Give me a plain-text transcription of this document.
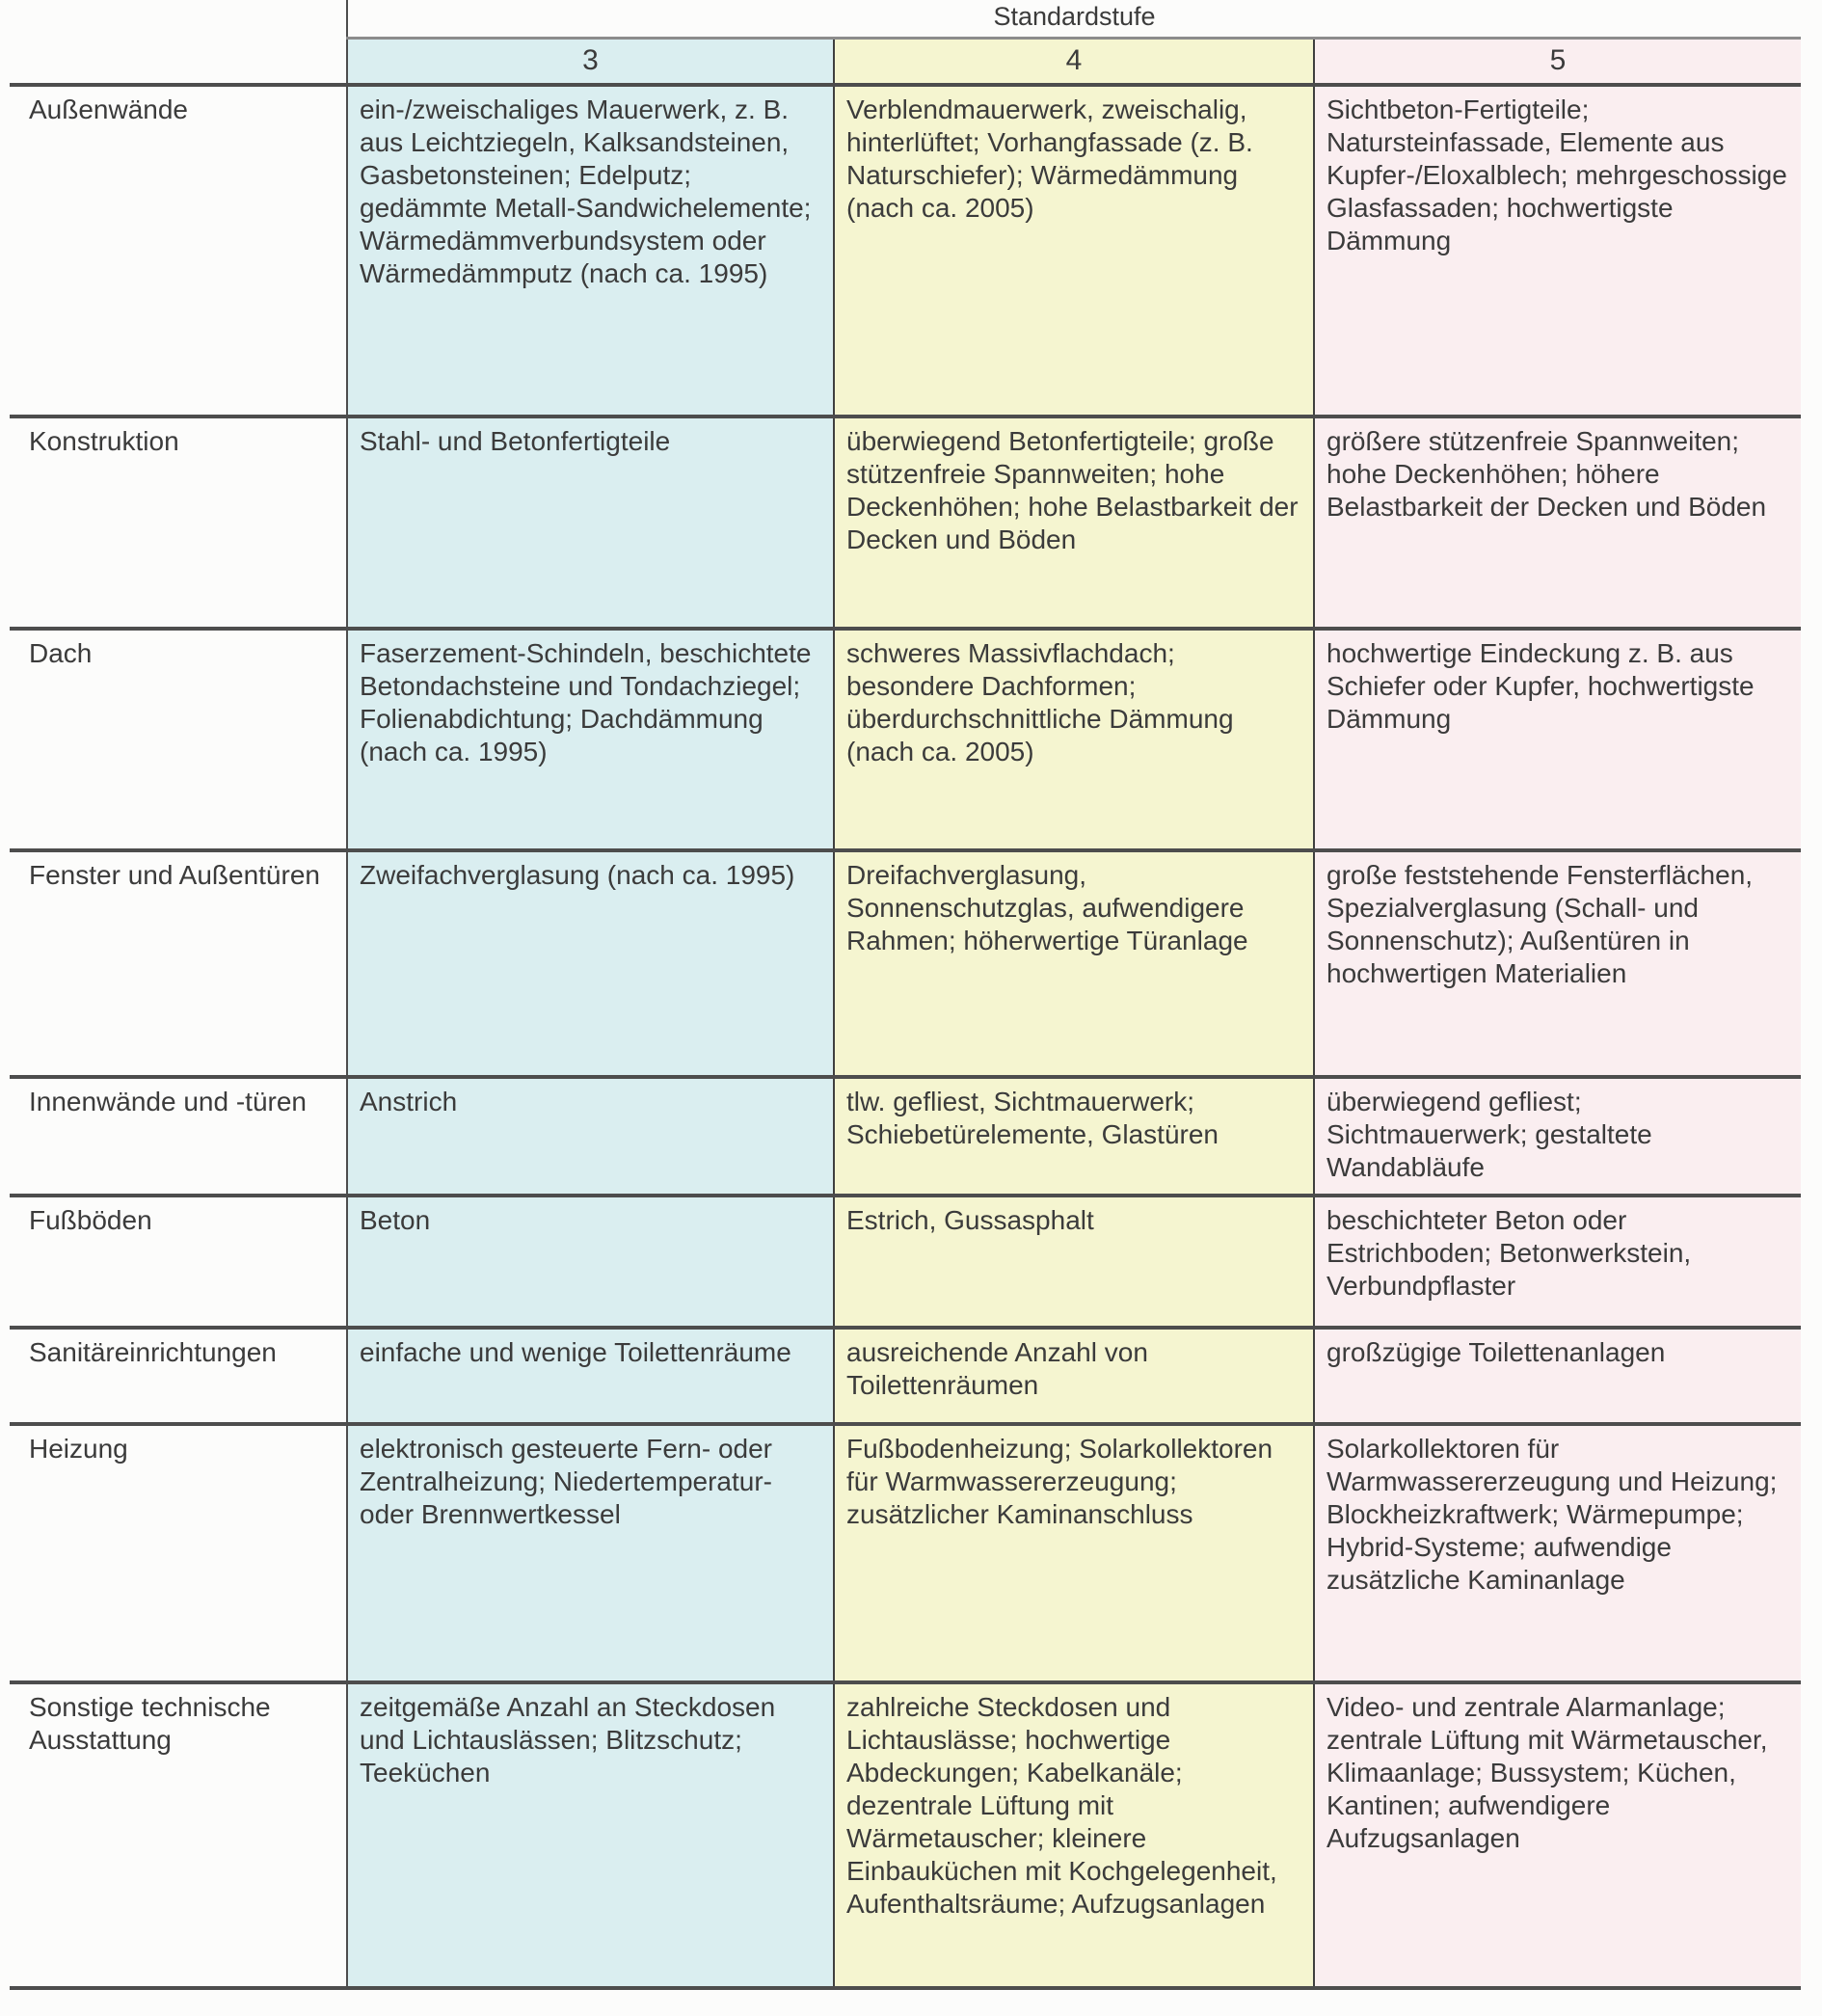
	Standardstufe		
	3	4	5
Außenwände	ein-/zweischaliges Mauerwerk, z. B. aus Leichtziegeln, Kalksandsteinen, Gasbetonsteinen; Edelputz; gedämmte Metall-Sandwichelemente; Wärmedämmverbundsystem oder Wärmedämmputz (nach ca. 1995)	Verblendmauerwerk, zweischalig, hinterlüftet; Vorhangfassade (z. B. Naturschiefer); Wärmedämmung (nach ca. 2005)	Sichtbeton-Fertigteile; Natursteinfassade, Elemente aus Kupfer-/Eloxalblech; mehrgeschossige Glasfassaden; hochwertigste Dämmung
Konstruktion	Stahl- und Betonfertigteile	überwiegend Betonfertigteile; große stützenfreie Spannweiten; hohe Deckenhöhen; hohe Belastbarkeit der Decken und Böden	größere stützenfreie Spannweiten; hohe Deckenhöhen; höhere Belastbarkeit der Decken und Böden
Dach	Faserzement-Schindeln, beschichtete Betondachsteine und Tondachziegel; Folienabdichtung; Dachdämmung (nach ca. 1995)	schweres Massivflachdach; besondere Dachformen; überdurchschnittliche Dämmung (nach ca. 2005)	hochwertige Eindeckung z. B. aus Schiefer oder Kupfer, hochwertigste Dämmung
Fenster und Außentüren	Zweifachverglasung (nach ca. 1995)	Dreifachverglasung, Sonnenschutzglas, aufwendigere Rahmen; höherwertige Türanlage	große feststehende Fensterflächen, Spezialverglasung (Schall- und Sonnenschutz); Außentüren in hochwertigen Materialien
Innenwände und -türen	Anstrich	tlw. gefliest, Sichtmauerwerk; Schiebetürelemente, Glastüren	überwiegend gefliest; Sichtmauerwerk; gestaltete Wandabläufe
Fußböden	Beton	Estrich, Gussasphalt	beschichteter Beton oder Estrichboden; Betonwerkstein, Verbundpflaster
Sanitäreinrichtungen	einfache und wenige Toilettenräume	ausreichende Anzahl von Toilettenräumen	großzügige Toilettenanlagen
Heizung	elektronisch gesteuerte Fern- oder Zentralheizung; Niedertemperatur- oder Brennwertkessel	Fußbodenheizung; Solarkollektoren für Warmwassererzeugung; zusätzlicher Kaminanschluss	Solarkollektoren für Warmwassererzeugung und Heizung; Blockheizkraftwerk; Wärmepumpe; Hybrid-Systeme; aufwendige zusätzliche Kaminanlage
Sonstige technische Ausstattung	zeitgemäße Anzahl an Steckdosen und Lichtauslässen; Blitzschutz; Teeküchen	zahlreiche Steckdosen und Lichtauslässe; hochwertige Abdeckungen; Kabelkanäle; dezentrale Lüftung mit Wärmetauscher; kleinere Einbauküchen mit Kochgelegenheit, Aufenthaltsräume; Aufzugsanlagen	Video- und zentrale Alarmanlage; zentrale Lüftung mit Wärmetauscher, Klimaanlage; Bussystem; Küchen, Kantinen; aufwendigere Aufzugsanlagen
